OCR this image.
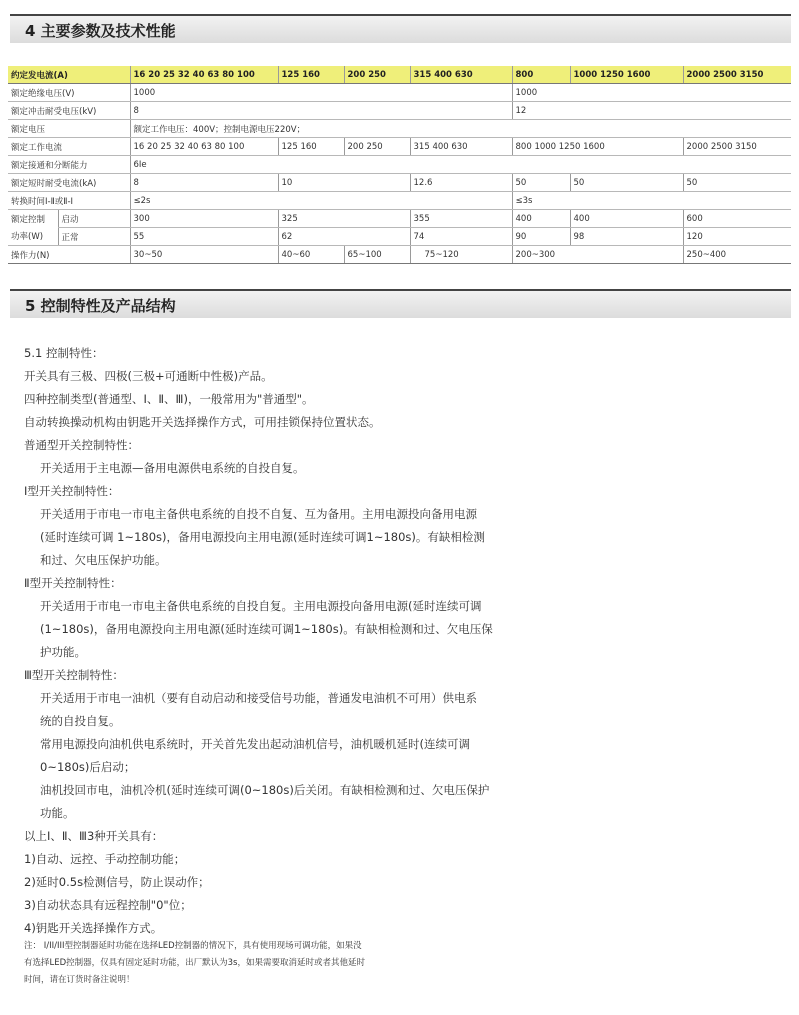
4 主要参数及技术性能
约定发电流(A)		16 20 25 32 40 63 80 100	125 160	200 250	315 400 630	800	1000 1250 1600	2000 2500 3150
额定绝缘电压(V)		1000				1000		
额定冲击耐受电压(kV)		8				12		
额定电压		额定工作电压：400V；控制电源电压220V；						
额定工作电流		16 20 25 32 40 63 80 100	125 160	200 250	315 400 630	800 1000 1250 1600		2000 2500 3150
额定接通和分断能力		6Ie						
额定短时耐受电流(kA)		8	10		12.6	50	50	50
转换时间Ⅰ-Ⅱ或Ⅱ-Ⅰ		≤2s				≤3s		
额定控制	启动	300	325		355	400	400	600
功率(W)	正常	55	62		74	90	98	120
操作力(N)		30~50	40~60	65~100	75~120	200~300		250~400
5 控制特性及产品结构
5.1 控制特性：
开关具有三极、四极(三极+可通断中性极)产品。
四种控制类型(普通型、Ⅰ、Ⅱ、Ⅲ)，一般常用为"普通型"。
自动转换操动机构由钥匙开关选择操作方式，可用挂锁保持位置状态。
普通型开关控制特性：
开关适用于主电源—备用电源供电系统的自投自复。
Ⅰ型开关控制特性：
开关适用于市电一市电主备供电系统的自投不自复、互为备用。主用电源投向备用电源
(延时连续可调 1~180s)，备用电源投向主用电源(延时连续可调1~180s)。有缺相检测
和过、欠电压保护功能。
Ⅱ型开关控制特性：
开关适用于市电一市电主备供电系统的自投自复。主用电源投向备用电源(延时连续可调
(1~180s)，备用电源投向主用电源(延时连续可调1~180s)。有缺相检测和过、欠电压保
护功能。
Ⅲ型开关控制特性：
开关适用于市电一油机（要有自动启动和接受信号功能，普通发电油机不可用）供电系
统的自投自复。
常用电源投向油机供电系统时，开关首先发出起动油机信号，油机暖机延时(连续可调
0~180s)后启动；
油机投回市电，油机冷机(延时连续可调(0~180s)后关闭。有缺相检测和过、欠电压保护
功能。
以上Ⅰ、Ⅱ、Ⅲ3种开关具有：
1)自动、远控、手动控制功能；
2)延时0.5s检测信号，防止误动作；
3)自动状态具有远程控制"0"位；
4)钥匙开关选择操作方式。
注： I/II/III型控制器延时功能在选择LED控制器的情况下，具有使用现场可调功能，如果没
有选择LED控制器，仅具有固定延时功能，出厂默认为3s，如果需要取消延时或者其他延时
时间，请在订货时备注说明！
